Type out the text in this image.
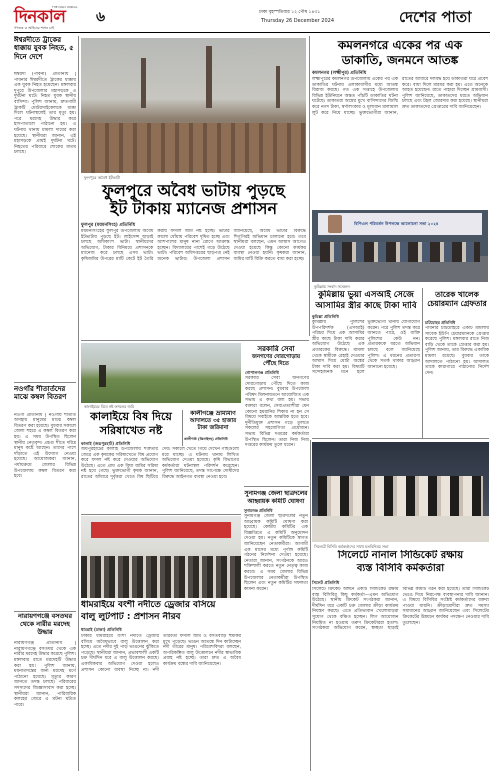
দিনকাল
THE DAILY DINKAL
গণতন্ত্র ও আইনের শাসন চাই
৬	ঢাকা বৃহস্পতিবার ১২ পৌষ ১৪৩১
Thursday 26 December 2024	দেশের পাতা
ঈশ্বরদীতে ট্রাকের ধাক্কায় যুবক নিহত, ৫ দিনে দেশে
ঈশ্বরদী (পাবনা) প্রতিনিধি | পাবনার ঈশ্বরদীতে ট্রাকের ধাক্কায় এক যুবক নিহত হয়েছেন। মঙ্গলবার দুপুরে উপজেলার মহাসড়কে এ দুর্ঘটনা ঘটে। নিহত যুবক স্থানীয় বাসিন্দা। পুলিশ জানায়, দ্রুতগামী ট্রাকটি মোটরসাইকেলকে ধাক্কা দিলে ঘটনাস্থলেই তার মৃত্যু হয়। পরে মরদেহ উদ্ধার করে হাসপাতালে পাঠানো হয়। এ ঘটনায় থানায় মামলা দায়ের করা হয়েছে। স্থানীয়রা জানান, এই মহাসড়কে প্রায়ই দুর্ঘটনা ঘটে। নিহতের পরিবারে শোকের মাতম চলছে।
নওগাঁর শীতার্তদের মাঝে কম্বল বিতরণ
নওগাঁ প্রতিনিধি | নওগাঁয় শীতার্ত অসহায় মানুষের মাঝে কম্বল বিতরণ করা হয়েছে। বুধবার সকালে জেলা শহরে এ কম্বল বিতরণ করা হয়। এ সময় উপস্থিত ছিলেন স্থানীয় নেতৃবৃন্দ। প্রচণ্ড শীতে দরিদ্র মানুষ কষ্টে আছেন। তাদের পাশে দাঁড়াতে এই উদ্যোগ নেওয়া হয়েছে। আয়োজকরা জানান, পর্যায়ক্রমে জেলার বিভিন্ন উপজেলায় কম্বল বিতরণ করা হবে।
নারায়ণগঞ্জে বসতঘর থেকে নারীর মরদেহ উদ্ধার
নারায়ণগঞ্জ প্রতিনিধি | নারায়ণগঞ্জে বসতঘর থেকে এক নারীর মরদেহ উদ্ধার করেছে পুলিশ। মঙ্গলবার রাতে মরদেহটি উদ্ধার করা হয়। পুলিশ জানায়, ময়নাতদন্তের জন্য মরদেহ মর্গে পাঠানো হয়েছে। মৃত্যুর কারণ জানতে তদন্ত চলছে। পরিবারের সদস্যদের জিজ্ঞাসাবাদ করা হচ্ছে। স্থানীয়রা জানান, পারিবারিক কলহের জেরে এ ঘটনা ঘটতে পারে।
ফুলপুরে অবৈধ ইটভাটা
ফুলপুরে অবৈধ ভাটায় পুড়ছে
ইট টাকায় ম্যানেজ প্রশাসন
ফুলপুর (ময়মনসিংহ) প্রতিনিধি
ময়মনসিংহের ফুলপুর উপজেলায় অবৈধ ইটভাটায় পুড়ছে ইট। লাইসেন্স ছাড়াই চলছে অধিকাংশ ভাটা। স্থানীয়দের অভিযোগ, টাকার বিনিময়ে প্রশাসনকে ম্যানেজ করে চলছে এসব ভাটা। কৃষিজমির উপরের মাটি কেটে ইট তৈরি করায় ফসলি জমি নষ্ট হচ্ছে। ভাটার কালো ধোঁয়ায় পরিবেশ দূষিত হচ্ছে এবং আশপাশের মানুষ নানা রোগে আক্রান্ত হচ্ছেন। বিদ্যালয়ের পাশেই গড়ে উঠেছে ভাটা। পরিবেশ অধিদপ্তরের ছাড়পত্র নেই অনেক ভাটার। উপজেলা প্রশাসন জানিয়েছে, অবৈধ ভাটার বিরুদ্ধে শিগগিরই অভিযান চালানো হবে। তবে স্থানীয়রা বলছেন, এমন আশ্বাস আগেও দেওয়া হয়েছে কিন্তু কোনো কার্যকর ব্যবস্থা নেওয়া হয়নি। কৃষকরা জানান, জমির মাটি বিক্রি করতে বাধ্য করা হচ্ছে।
কমলনগরে একের পর এক
ডাকাতি, জনমনে আতঙ্ক
কমলনগর (লক্ষ্মীপুর) প্রতিনিধি
লক্ষ্মীপুরের কমলনগর উপজেলায় একের পর এক ডাকাতির ঘটনায় এলাকাবাসীর মধ্যে আতঙ্ক বিরাজ করছে। গত এক সপ্তাহে উপজেলার বিভিন্ন ইউনিয়নে অন্তত পাঁচটি ডাকাতির ঘটনা ঘটেছে। ডাকাতরা অস্ত্রের মুখে বাসিন্দাদের জিম্মি করে নগদ টাকা, স্বর্ণালংকার ও মূল্যবান মালামাল লুট করে নিয়ে যাচ্ছে। ভুক্তভোগীরা জানান, রাতের আঁধারে দলবদ্ধ হয়ে ডাকাতরা ঘরে প্রবেশ করে। বাধা দিলে মারধর করা হয়। এতে অনেকে আহত হয়েছেন। রাতে পাহারা দিচ্ছেন গ্রামবাসী। পুলিশ জানিয়েছে, ডাকাতদের ধরতে অভিযান চলছে এবং টহল জোরদার করা হয়েছে। স্থানীয়রা দ্রুত ডাকাতদের গ্রেপ্তারের দাবি জানিয়েছেন।
বিপিএল পরিবর্তন উপলক্ষে আলোচনা সভা ২০২৪
কুমিল্লায় সংবাদ সম্মেলন
কুমিল্লায় ভুয়া এসআই সেজে
আসামির স্ত্রীর কাছে টাকা দাবি
কুমিল্লা প্রতিনিধি
কুমিল্লায় পুলিশের উপপরিদর্শক (এসআই) পরিচয় দিয়ে এক আসামির স্ত্রীর কাছে টাকা দাবি করার অভিযোগ উঠেছে এক প্রতারকের বিরুদ্ধে। মামলা থেকে স্বামীকে রেহাই দেওয়ার আশ্বাস দিয়ে মোটা অঙ্কের টাকা দাবি করা হয়। বিষয়টি সন্দেহজনক মনে হলে ভুক্তভোগী থানায় যোগাযোগ করেন। পরে পুলিশ তদন্ত করে জানতে পারে, ওই ব্যক্তি পুলিশের কেউ নন। প্রতারককে ধরতে অভিযান চলছে বলে জানিয়েছে পুলিশ। এ ধরনের প্রতারণা থেকে সতর্ক থাকার আহ্বান জানানো হয়েছে।
তারেক খালেক চেয়ারম্যান গ্রেফতার
চাটমোহর প্রতিনিধি
পাবনার চাটমোহরে একটি মামলায় সাবেক ইউপি চেয়ারম্যানকে গ্রেপ্তার করেছে পুলিশ। মঙ্গলবার রাতে নিজ বাড়ি থেকে তাকে গ্রেপ্তার করা হয়। পুলিশ জানায়, তার বিরুদ্ধে একাধিক মামলা রয়েছে। বুধবার তাকে আদালতে পাঠানো হয়। আদালত তাকে কারাগারে পাঠানোর নির্দেশ দেন।
সরকারি সেবা
জনগণের দোরগোড়ায় পৌঁছে দিতে
গোপালগঞ্জ প্রতিনিধি
সরকারি সেবা জনগণের দোরগোড়ায় পৌঁছে দিতে কাজ করছে প্রশাসন। বুধবার উপজেলা পরিষদ মিলনায়তনে আয়োজিত এক সভায় এ কথা বলা হয়। সভায় বক্তারা বলেন, সেবাপ্রত্যাশীরা যেন কোনো হয়রানির শিকার না হন সে বিষয়ে সবাইকে আন্তরিক হতে হবে। দুর্নীতিমুক্ত প্রশাসন গড়ে তুলতে সকলের সহযোগিতা প্রয়োজন। সভায় বিভিন্ন দপ্তরের কর্মকর্তারা উপস্থিত ছিলেন। তারা নিজ নিজ দপ্তরের কার্যক্রম তুলে ধরেন।
কালাইয়ের বিষে নষ্ট ফসলের জমি
কালাইয়ে বিষ দিয়ে
সরিষাখেত নষ্ট
কালাই (জয়পুরহাট) প্রতিনিধি
জয়পুরহাটের কালাই উপজেলায় শত্রুতার জেরে এক কৃষকের সরিষাখেতে বিষ প্রয়োগ করে ফসল নষ্ট করে দেওয়ার অভিযোগ উঠেছে। এতে প্রায় এক বিঘা জমির সরিষা নষ্ট হয়ে গেছে। ভুক্তভোগী কৃষক জানান, রাতের আঁধারে দুর্বৃত্তরা খেতে বিষ ছিটিয়ে দেয়। সকালে খেতে গিয়ে দেখেন গাছগুলো মরে যাচ্ছে। এ ঘটনায় থানায় লিখিত অভিযোগ দেওয়া হয়েছে। কৃষি বিভাগের কর্মকর্তারা ঘটনাস্থল পরিদর্শন করেছেন। পুলিশ জানিয়েছে, তদন্ত সাপেক্ষে দোষীদের বিরুদ্ধে আইনগত ব্যবস্থা নেওয়া হবে।
কালীগঞ্জে ভ্রাম্যমাণ
আদালতে ৩৫ হাজার টাকা জরিমানা
কালীগঞ্জ (ঝিনাইদহ) প্রতিনিধি
ধামরাইয়ে বংশী নদীতে ড্রেজার বসিয়ে
বালু লুটপাট : প্রশাসন নীরব
ধামরাই (ঢাকা) প্রতিনিধি
ঢাকার ধামরাইয়ে বংশী নদীতে ড্রেজার বসিয়ে অবৈধভাবে বালু উত্তোলন করা হচ্ছে। এতে নদীর দুই পাড় ভাঙনের ঝুঁকিতে পড়েছে। স্থানীয়রা জানান, প্রভাবশালী একটি চক্র দীর্ঘদিন ধরে এ বালু উত্তোলন করছে। একাধিকবার অভিযোগ দেওয়া হলেও প্রশাসন কোনো ব্যবস্থা নিচ্ছে না। নদী তীরবর্তী ফসলি জমি ও বসতবাড়ি হুমকির মুখে পড়েছে। ভাঙন আতঙ্কে দিন কাটাচ্ছেন নদী তীরের মানুষ। পরিবেশবিদরা বলছেন, অপরিকল্পিত বালু উত্তোলনে নদীর স্বাভাবিক প্রবাহ নষ্ট হচ্ছে। তারা দ্রুত এ অবৈধ কার্যক্রম বন্ধের দাবি জানিয়েছেন।
সুনামগঞ্জ জেলা ছাত্রদলের
আহ্বায়ক কমিটি ঘোষণা
সুনামগঞ্জ প্রতিনিধি
সুনামগঞ্জ জেলা ছাত্রদলের নতুন আহ্বায়ক কমিটি ঘোষণা করা হয়েছে। কেন্দ্রীয় কমিটির এক বিজ্ঞপ্তিতে এ কমিটি অনুমোদন দেওয়া হয়। নতুন কমিটিকে স্বাগত জানিয়েছেন নেতাকর্মীরা। আগামী এক মাসের মধ্যে পূর্ণাঙ্গ কমিটি গঠনের নির্দেশনা দেওয়া হয়েছে। নেতারা জানান, সংগঠনকে আরও শক্তিশালী করতে নতুন নেতৃত্ব কাজ করবে। এ সময় জেলার বিভিন্ন উপজেলার নেতাকর্মীরা উপস্থিত ছিলেন এবং নতুন কমিটির সফলতা কামনা করেন।
সিলেটে বিসিবি কর্মকর্তাদের সাথে মতবিনিময় সভা
সিলেটে নানাল সিন্ডিকেট রক্ষায়
ব্যস্ত বিসিবি কর্মকর্তারা
সিলেট প্রতিনিধি
সিলেটে ক্রিকেট অঙ্গনে একটি সিন্ডিকেট রক্ষায় ব্যস্ত বিসিবির কিছু কর্মকর্তা—এমন অভিযোগ উঠেছে। স্থানীয় ক্রিকেট সংগঠকরা জানান, দীর্ঘদিন ধরে একটি চক্র জেলার ক্রীড়া কার্যক্রম নিয়ন্ত্রণ করছে। এতে প্রতিভাবান খেলোয়াড়রা সুযোগ থেকে বঞ্চিত হচ্ছেন। লিগ আয়োজন নিয়মিত না হওয়ায় তরুণ ক্রিকেটাররা হতাশ। সংগঠকরা অভিযোগ করেন, স্বচ্ছতা ছাড়াই বিভিন্ন কমিটি গঠন করা হয়েছে। তারা সিন্ডিকেট ভেঙে দিয়ে নিরপেক্ষ ব্যবস্থাপনার দাবি জানান। এ বিষয়ে বিসিবির সংশ্লিষ্ট কর্মকর্তাদের বক্তব্য পাওয়া যায়নি। ক্রীড়ামোদীরা দ্রুত সমস্যা সমাধানের আহ্বান জানিয়েছেন এবং সিলেটের ক্রিকেটের উন্নয়নে কার্যকর পদক্ষেপ নেওয়ার দাবি তুলেছেন।
